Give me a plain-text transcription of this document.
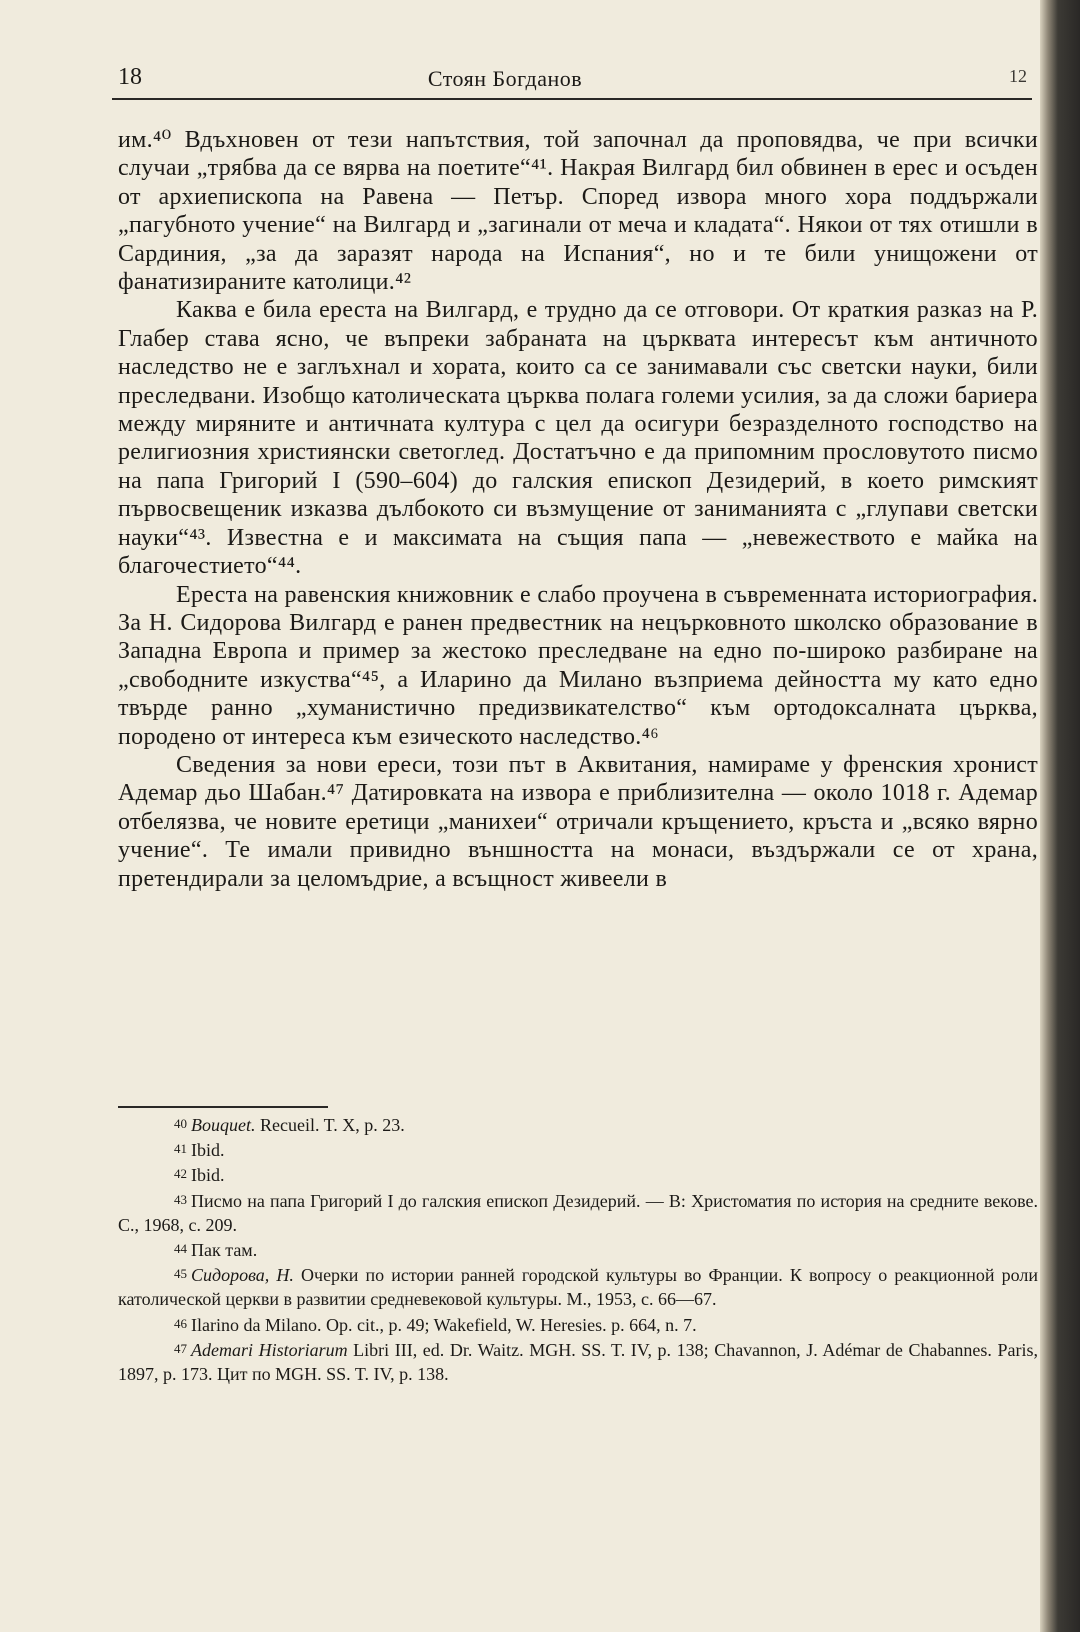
18	Стоян Богданов	12

им.⁴⁰ Вдъхновен от тези напътствия, той започнал да проповядва, че при всички случаи „трябва да се вярва на поетите“⁴¹. Накрая Вилгард бил обвинен в ерес и осъден от архиепископа на Равена — Петър. Според извора много хора поддържали „пагубното учение“ на Вилгард и „загинали от меча и кладата“. Някои от тях отишли в Сардиния, „за да заразят народа на Испания“, но и те били унищожени от фанатизираните католици.⁴²

Каква е била ереста на Вилгард, е трудно да се отговори. От краткия разказ на Р. Глабер става ясно, че въпреки забраната на църквата интересът към античното наследство не е заглъхнал и хората, които са се занимавали със светски науки, били преследвани. Изобщо католическата църква полага големи усилия, за да сложи бариера между миряните и античната култура с цел да осигури безразделното господство на религиозния християнски светоглед. Достатъчно е да припомним прословутото писмо на папа Григорий I (590–604) до галския епископ Дезидерий, в което римският първосвещеник изказва дълбокото си възмущение от заниманията с „глупави светски науки“⁴³. Известна е и максимата на същия папа — „невежеството е майка на благочестието“⁴⁴.

Ереста на равенския книжовник е слабо проучена в съвременната историография. За Н. Сидорова Вилгард е ранен предвестник на нецърковното школско образование в Западна Европа и пример за жестоко преследване на едно по-широко разбиране на „свободните изкуства“⁴⁵, а Иларино да Милано възприема дейността му като едно твърде ранно „хуманистично предизвикателство“ към ортодоксалната църква, породено от интереса към езическото наследство.⁴⁶

Сведения за нови ереси, този път в Аквитания, намираме у френския хронист Адемар дьо Шабан.⁴⁷ Датировката на извора е приблизителна — около 1018 г. Адемар отбелязва, че новите еретици „манихеи“ отричали кръщението, кръста и „всяко вярно учение“. Те имали привидно външността на монаси, въздържали се от храна, претендирали за целомъдрие, а всъщност живеели в

40 Bouquet. Recueil. T. X, p. 23.

41 Ibid.

42 Ibid.

43 Писмо на папа Григорий I до галския епископ Дезидерий. — В: Христоматия по история на средните векове. С., 1968, с. 209.

44 Пак там.

45 Сидорова, Н. Очерки по истории ранней городской культуры во Франции. К вопросу о реакционной роли католической церкви в развитии средневековой культуры. М., 1953, с. 66—67.

46 Ilarino da Milano. Op. cit., p. 49; Wakefield, W. Heresies. p. 664, n. 7.

47 Ademari Historiarum Libri III, ed. Dr. Waitz. MGH. SS. T. IV, p. 138; Chavannon, J. Adémar de Chabannes. Paris, 1897, p. 173. Цит по MGH. SS. T. IV, p. 138.
